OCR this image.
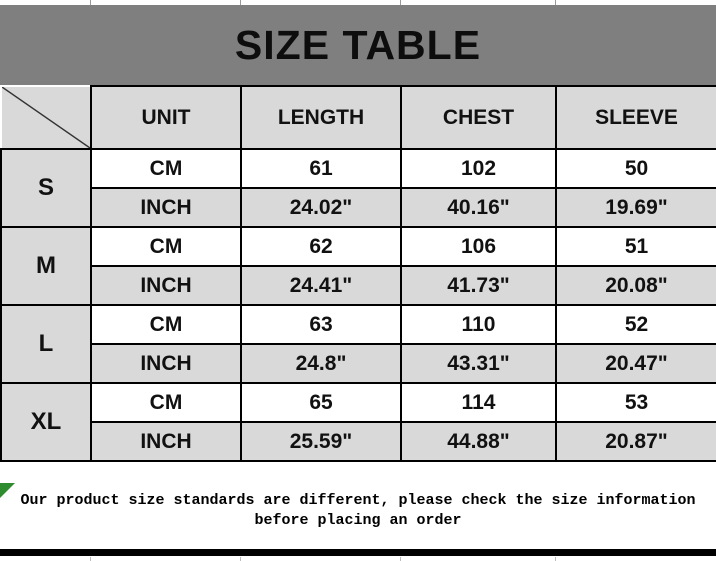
SIZE TABLE
	UNIT	LENGTH	CHEST	SLEEVE
S	CM	61	102	50
	INCH	24.02"	40.16"	19.69"
M	CM	62	106	51
	INCH	24.41"	41.73"	20.08"
L	CM	63	110	52
	INCH	24.8"	43.31"	20.47"
XL	CM	65	114	53
	INCH	25.59"	44.88"	20.87"
Our product size standards are different, please check the size information
before placing an order
